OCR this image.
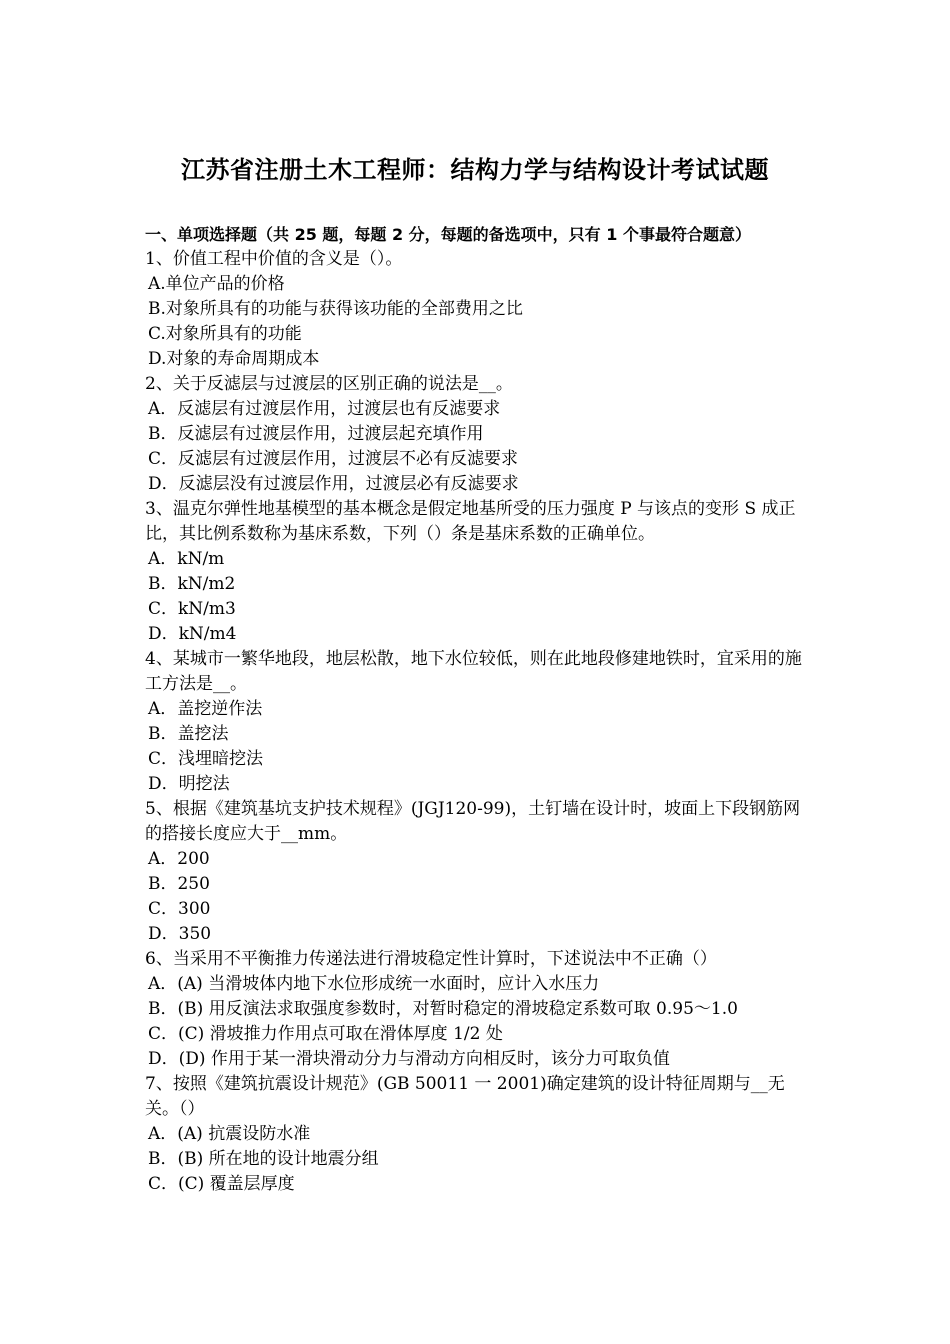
江苏省注册土木工程师：结构力学与结构设计考试试题
一、单项选择题（共 25 题，每题 2 分，每题的备选项中，只有 1 个事最符合题意）

1、价值工程中价值的含义是（）。

A.单位产品的价格

B.对象所具有的功能与获得该功能的全部费用之比

C.对象所具有的功能

D.对象的寿命周期成本

2、关于反滤层与过渡层的区别正确的说法是__。

A．反滤层有过渡层作用，过渡层也有反滤要求

B．反滤层有过渡层作用，过渡层起充填作用

C．反滤层有过渡层作用，过渡层不必有反滤要求

D．反滤层没有过渡层作用，过渡层必有反滤要求

3、温克尔弹性地基模型的基本概念是假定地基所受的压力强度 P 与该点的变形 S 成正比，其比例系数称为基床系数，下列（）条是基床系数的正确单位。

A．kN/m

B．kN/m2

C．kN/m3

D．kN/m4

4、某城市一繁华地段，地层松散，地下水位较低，则在此地段修建地铁时，宜采用的施工方法是__。

A．盖挖逆作法

B．盖挖法

C．浅埋暗挖法

D．明挖法

5、根据《建筑基坑支护技术规程》(JGJ120-99)，土钉墙在设计时，坡面上下段钢筋网的搭接长度应大于__mm。

A．200

B．250

C．300

D．350

6、当采用不平衡推力传递法进行滑坡稳定性计算时，下述说法中不正确（）

A．(A) 当滑坡体内地下水位形成统一水面时，应计入水压力

B．(B) 用反演法求取强度参数时，对暂时稳定的滑坡稳定系数可取 0.95～1.0

C．(C) 滑坡推力作用点可取在滑体厚度 1/2 处

D．(D) 作用于某一滑块滑动分力与滑动方向相反时，该分力可取负值

7、按照《建筑抗震设计规范》(GB 50011 一 2001)确定建筑的设计特征周期与__无关。（）

A．(A) 抗震设防水准

B．(B) 所在地的设计地震分组

C．(C) 覆盖层厚度
